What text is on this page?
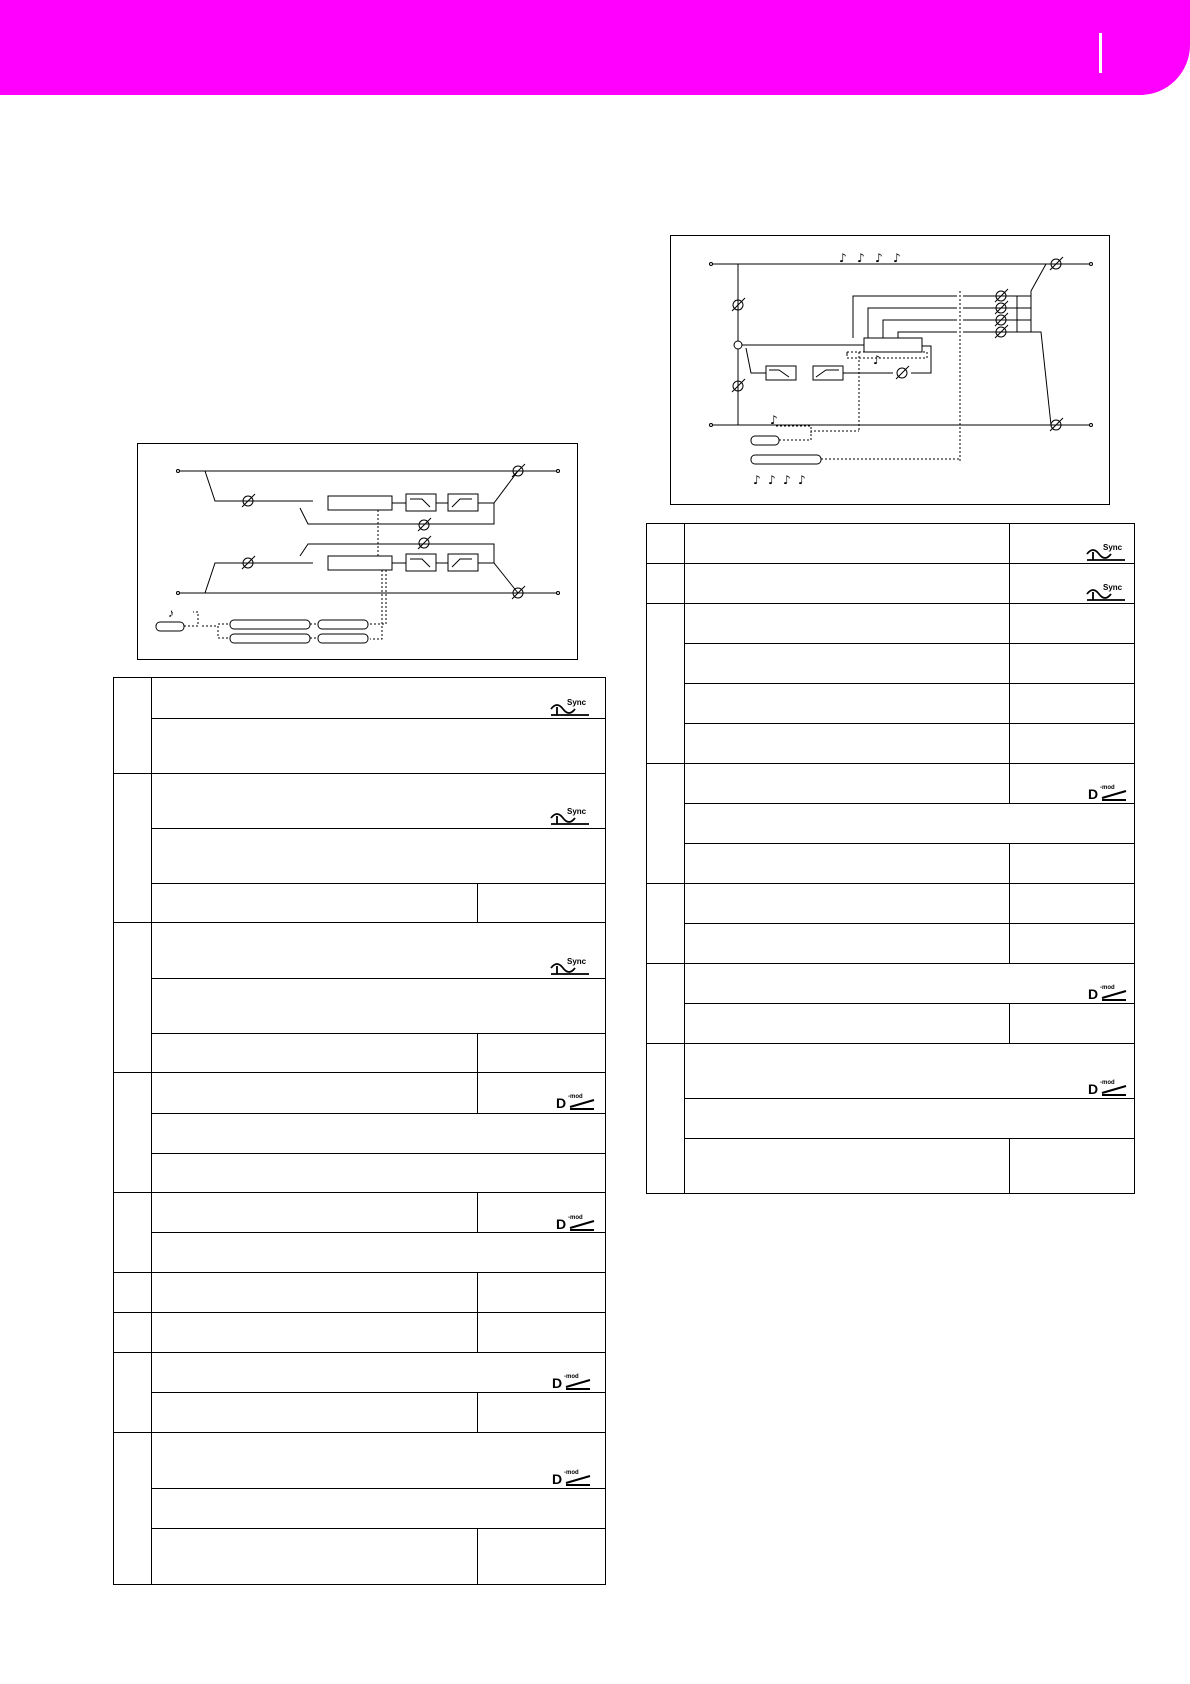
♪
♪ ♪ ♪ ♪
♪
♪
♪ ♪ ♪ ♪
Sync
Sync
Sync
D -mod
D -mod
D -mod
D -mod
Sync
Sync
D -mod
D -mod
D -mod
